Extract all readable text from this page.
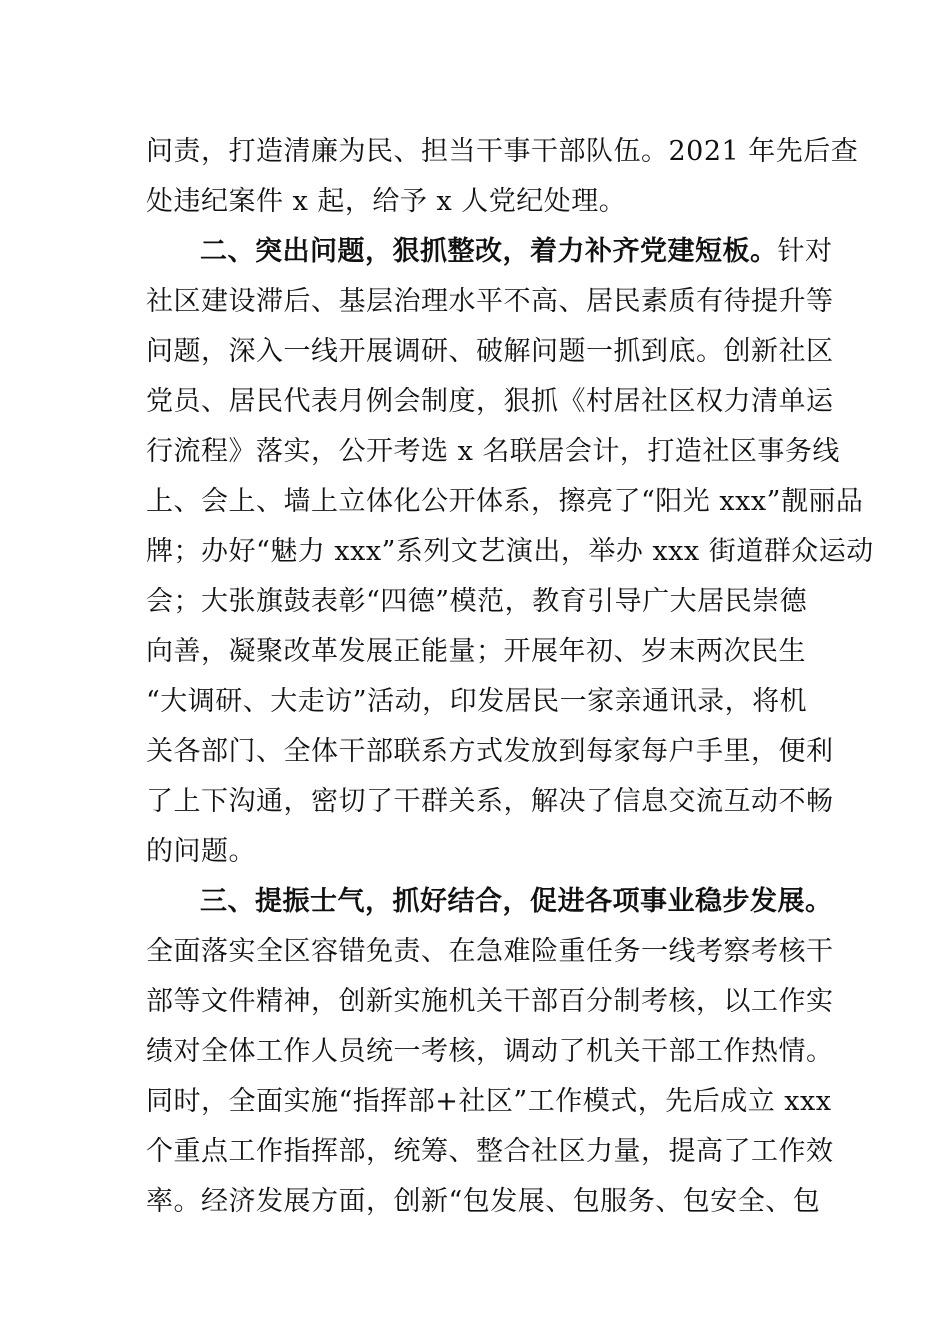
问责，打造清廉为民、担当干事干部队伍。2021 年先后查
处违纪案件 x 起，给予 x 人党纪处理。
二、突出问题，狠抓整改，着力补齐党建短板。针对
社区建设滞后、基层治理水平不高、居民素质有待提升等
问题，深入一线开展调研、破解问题一抓到底。创新社区
党员、居民代表月例会制度，狠抓《村居社区权力清单运
行流程》落实，公开考选 x 名联居会计，打造社区事务线
上、会上、墙上立体化公开体系，擦亮了“阳光 xxx”靓丽品
牌；办好“魅力 xxx”系列文艺演出，举办 xxx 街道群众运动
会；大张旗鼓表彰“四德”模范，教育引导广大居民崇德
向善，凝聚改革发展正能量；开展年初、岁末两次民生
“大调研、大走访”活动，印发居民一家亲通讯录，将机
关各部门、全体干部联系方式发放到每家每户手里，便利
了上下沟通，密切了干群关系，解决了信息交流互动不畅
的问题。
三、提振士气，抓好结合，促进各项事业稳步发展。
全面落实全区容错免责、在急难险重任务一线考察考核干
部等文件精神，创新实施机关干部百分制考核，以工作实
绩对全体工作人员统一考核，调动了机关干部工作热情。
同时，全面实施“指挥部+社区”工作模式，先后成立 xxx
个重点工作指挥部，统筹、整合社区力量，提高了工作效
率。经济发展方面，创新“包发展、包服务、包安全、包
